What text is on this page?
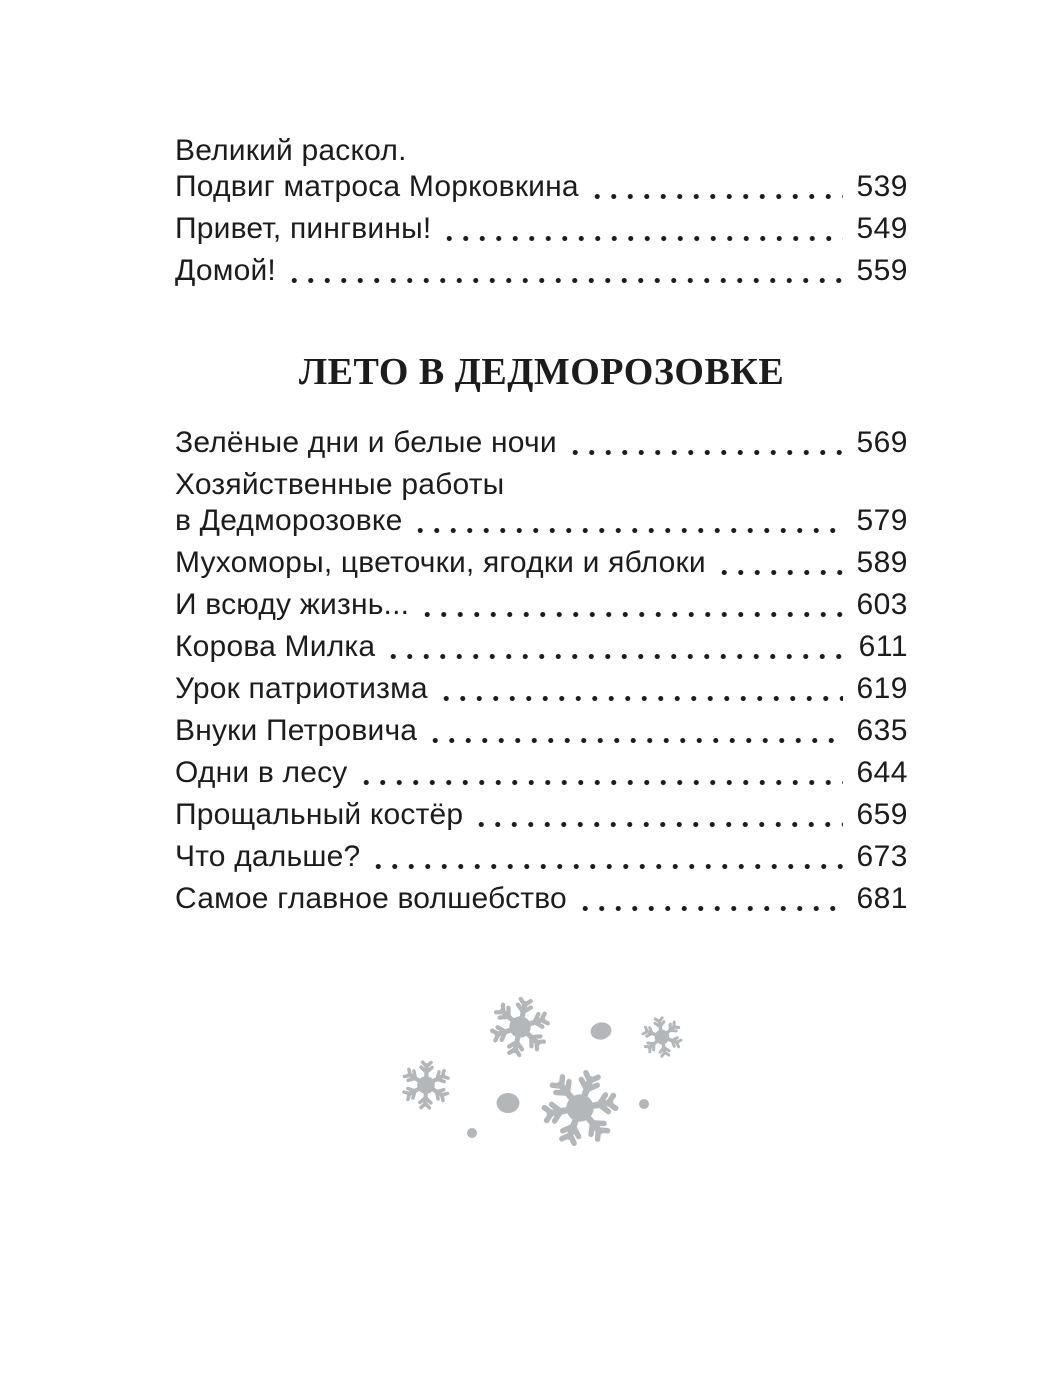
Великий раскол.
Подвиг матроса Морковкина	539
Привет, пингвины!	549
Домой!	559
ЛЕТО В ДЕДМОРОЗОВКЕ
Зелёные дни и белые ночи	569
Хозяйственные работы
в Дедморозовке	579
Мухоморы, цветочки, ягодки и яблоки	589
И всюду жизнь...	603
Корова Милка	611
Урок патриотизма	619
Внуки Петровича	635
Одни в лесу	644
Прощальный костёр	659
Что дальше?	673
Самое главное волшебство	681
